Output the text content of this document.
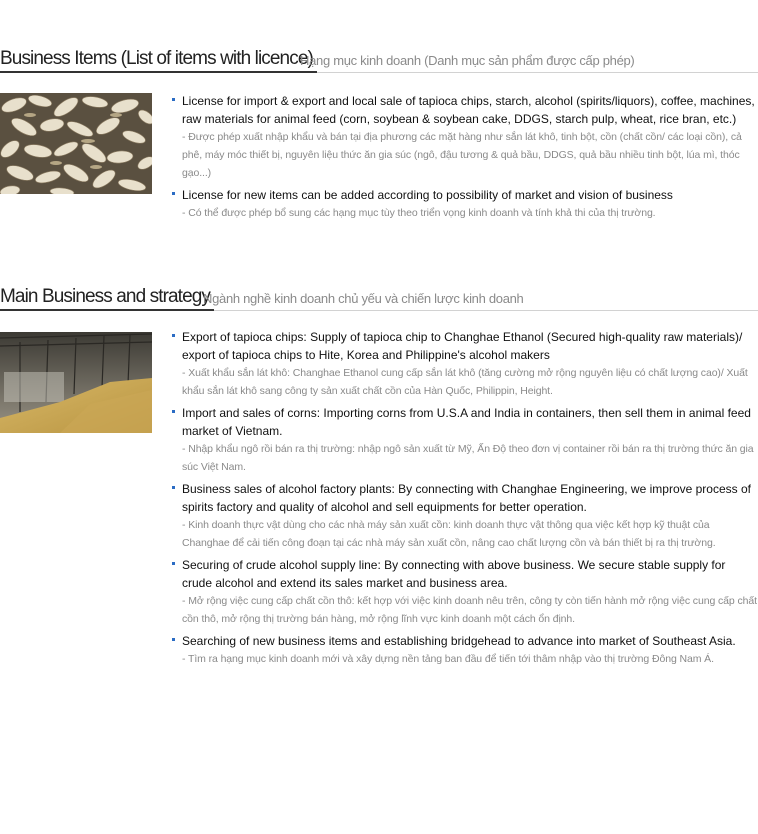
Business Items (List of items with licence)
Hạng mục kinh doanh (Danh mục sản phẩm được cấp phép)
License for import & export and local sale of tapioca chips, starch, alcohol (spirits/liquors), coffee, machines, raw materials for animal feed (corn, soybean & soybean cake, DDGS, starch pulp, wheat, rice bran, etc.)
- Được phép xuất nhập khẩu và bán tại địa phương các mặt hàng như sắn lát khô, tinh bột, cồn (chất cồn/ các loại cồn), cả phê, máy móc thiết bị, nguyên liệu thức ăn gia súc (ngô, đậu tương & quả bầu, DDGS, quả bầu nhiều tinh bột, lúa mì, thóc gạo...)
License for new items can be added according to possibility of market and vision of business
- Có thể được phép bổ sung các hạng mục tùy theo triển vọng kinh doanh và tính khả thi của thị trường.
Main Business and strategy
Ngành nghề kinh doanh chủ yếu và chiến lược kinh doanh
Export of tapioca chips: Supply of tapioca chip to Changhae Ethanol (Secured high-quality raw materials)/ export of tapioca chips to Hite, Korea and Philippine's alcohol makers
- Xuất khẩu sắn lát khô: Changhae Ethanol cung cấp sắn lát khô (tăng cường mở rộng nguyên liệu có chất lượng cao)/ Xuất khẩu sắn lát khô sang công ty sản xuất chất cồn của Hàn Quốc, Philippin, Height.
Import and sales of corns: Importing corns from U.S.A and India in containers, then sell them in animal feed market of Vietnam.
- Nhập khẩu ngô rồi bán ra thị trường: nhập ngô sản xuất từ Mỹ, Ấn Độ theo đơn vị container rồi bán ra thị trường thức ăn gia súc Việt Nam.
Business sales of alcohol factory plants: By connecting with Changhae Engineering, we improve process of spirits factory and quality of alcohol and sell equipments for better operation.
- Kinh doanh thực vật dùng cho các nhà máy sản xuất cồn: kinh doanh thực vật thông qua việc kết hợp kỹ thuật của Changhae để cải tiến công đoạn tại các nhà máy sản xuất cồn, nâng cao chất lượng cồn và bán thiết bị ra thị trường.
Securing of crude alcohol supply line: By connecting with above business. We secure stable supply for crude alcohol and extend its sales market and business area.
- Mở rộng việc cung cấp chất cồn thô: kết hợp với việc kinh doanh nêu trên, công ty còn tiến hành mở rộng việc cung cấp chất cồn thô, mở rộng thị trường bán hàng, mở rộng lĩnh vực kinh doanh một cách ổn định.
Searching of new business items and establishing bridgehead to advance into market of Southeast Asia.
- Tìm ra hạng mục kinh doanh mới và xây dựng nền tảng ban đầu để tiến tới thâm nhập vào thị trường Đông Nam Á.
